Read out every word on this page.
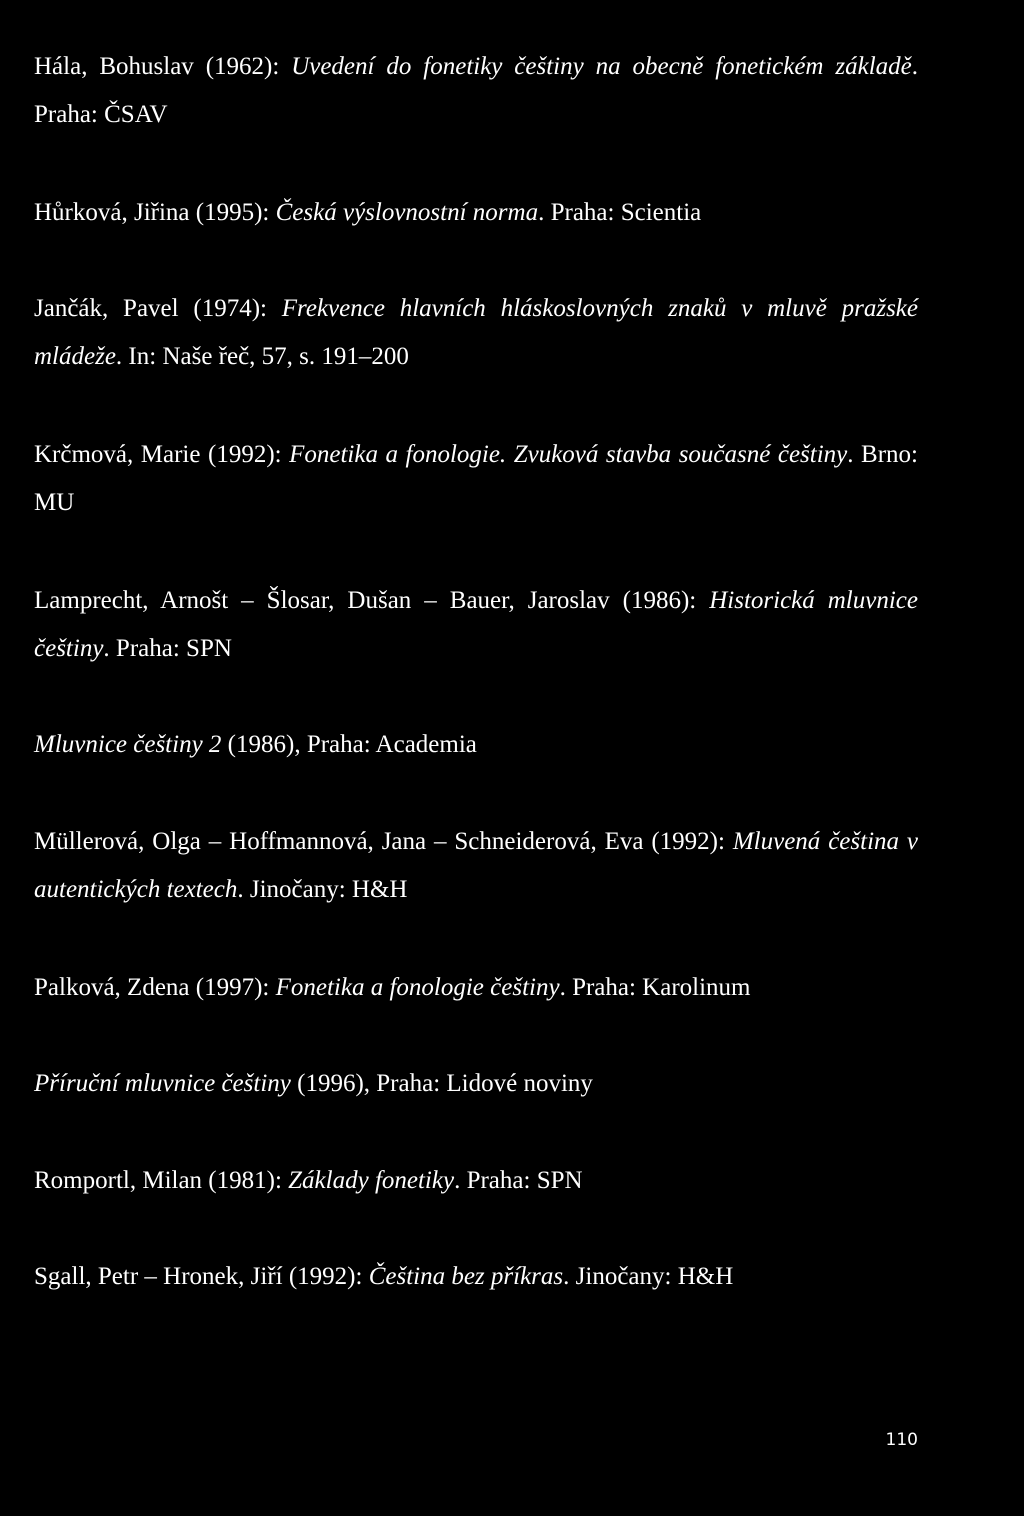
Hála, Bohuslav (1962): Uvedení do fonetiky češtiny na obecně fonetickém základě. Praha: ČSAV

Hůrková, Jiřina (1995): Česká výslovnostní norma. Praha: Scientia

Jančák, Pavel (1974): Frekvence hlavních hláskoslovných znaků v mluvě pražské mládeže. In: Naše řeč, 57, s. 191–200

Krčmová, Marie (1992): Fonetika a fonologie. Zvuková stavba současné češtiny. Brno: MU

Lamprecht, Arnošt – Šlosar, Dušan – Bauer, Jaroslav (1986): Historická mluvnice češtiny. Praha: SPN

Mluvnice češtiny 2 (1986), Praha: Academia

Müllerová, Olga – Hoffmannová, Jana – Schneiderová, Eva (1992): Mluvená čeština v autentických textech. Jinočany: H&H

Palková, Zdena (1997): Fonetika a fonologie češtiny. Praha: Karolinum

Příruční mluvnice češtiny (1996), Praha: Lidové noviny

Romportl, Milan (1981): Základy fonetiky. Praha: SPN

Sgall, Petr – Hronek, Jiří (1992): Čeština bez příkras. Jinočany: H&H

110
